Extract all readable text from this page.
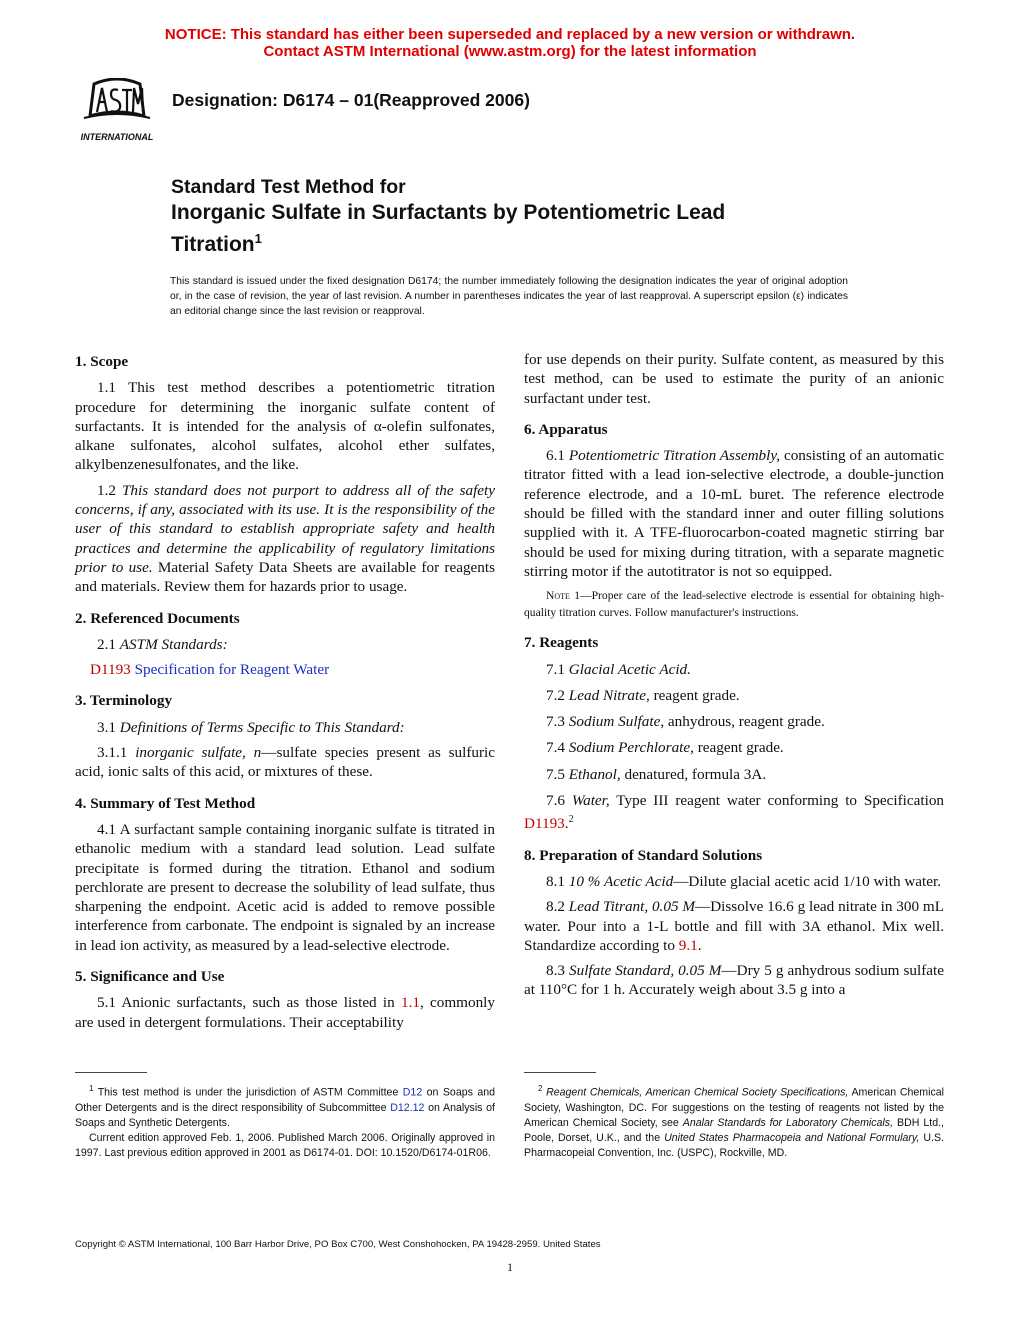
NOTICE: This standard has either been superseded and replaced by a new version or withdrawn.
Contact ASTM International (www.astm.org) for the latest information
INTERNATIONAL
Designation: D6174 – 01(Reapproved 2006)
Standard Test Method for
Inorganic Sulfate in Surfactants by Potentiometric Lead
Titration$^1$
This standard is issued under the fixed designation D6174; the number immediately following the designation indicates the year of original adoption or, in the case of revision, the year of last revision. A number in parentheses indicates the year of last reapproval. A superscript epsilon (ε) indicates an editorial change since the last revision or reapproval.
1. Scope

1.1 This test method describes a potentiometric titration procedure for determining the inorganic sulfate content of surfactants. It is intended for the analysis of α-olefin sulfonates, alkane sulfonates, alcohol sulfates, alcohol ether sulfates, alkylbenzenesulfonates, and the like.

1.2 This standard does not purport to address all of the safety concerns, if any, associated with its use. It is the responsibility of the user of this standard to establish appropriate safety and health practices and determine the applicability of regulatory limitations prior to use. Material Safety Data Sheets are available for reagents and materials. Review them for hazards prior to usage.

2. Referenced Documents

2.1 ASTM Standards:

D1193 Specification for Reagent Water

3. Terminology

3.1 Definitions of Terms Specific to This Standard:

3.1.1 inorganic sulfate, n—sulfate species present as sulfuric acid, ionic salts of this acid, or mixtures of these.

4. Summary of Test Method

4.1 A surfactant sample containing inorganic sulfate is titrated in ethanolic medium with a standard lead solution. Lead sulfate precipitate is formed during the titration. Ethanol and sodium perchlorate are present to decrease the solubility of lead sulfate, thus sharpening the endpoint. Acetic acid is added to remove possible interference from carbonate. The endpoint is signaled by an increase in lead ion activity, as measured by a lead-selective electrode.

5. Significance and Use

5.1 Anionic surfactants, such as those listed in 1.1, commonly are used in detergent formulations. Their acceptability

for use depends on their purity. Sulfate content, as measured by this test method, can be used to estimate the purity of an anionic surfactant under test.

6. Apparatus

6.1 Potentiometric Titration Assembly, consisting of an automatic titrator fitted with a lead ion-selective electrode, a double-junction reference electrode, and a 10-mL buret. The reference electrode should be filled with the standard inner and outer filling solutions supplied with it. A TFE-fluorocarbon-coated magnetic stirring bar should be used for mixing during titration, with a separate magnetic stirring motor if the autotitrator is not so equipped.

Note 1—Proper care of the lead-selective electrode is essential for obtaining high-quality titration curves. Follow manufacturer's instructions.

7. Reagents

7.1 Glacial Acetic Acid.

7.2 Lead Nitrate, reagent grade.

7.3 Sodium Sulfate, anhydrous, reagent grade.

7.4 Sodium Perchlorate, reagent grade.

7.5 Ethanol, denatured, formula 3A.

7.6 Water, Type III reagent water conforming to Specification D1193.$^2$

8. Preparation of Standard Solutions

8.1 10 % Acetic Acid—Dilute glacial acetic acid 1/10 with water.

8.2 Lead Titrant, 0.05 M—Dissolve 16.6 g lead nitrate in 300 mL water. Pour into a 1-L bottle and fill with 3A ethanol. Mix well. Standardize according to 9.1.

8.3 Sulfate Standard, 0.05 M—Dry 5 g anhydrous sodium sulfate at 110°C for 1 h. Accurately weigh about 3.5 g into a

$^1$ This test method is under the jurisdiction of ASTM Committee D12 on Soaps and Other Detergents and is the direct responsibility of Subcommittee D12.12 on Analysis of Soaps and Synthetic Detergents.

Current edition approved Feb. 1, 2006. Published March 2006. Originally approved in 1997. Last previous edition approved in 2001 as D6174-01. DOI: 10.1520/D6174-01R06.

$^2$ Reagent Chemicals, American Chemical Society Specifications, American Chemical Society, Washington, DC. For suggestions on the testing of reagents not listed by the American Chemical Society, see Analar Standards for Laboratory Chemicals, BDH Ltd., Poole, Dorset, U.K., and the United States Pharmacopeia and National Formulary, U.S. Pharmacopeial Convention, Inc. (USPC), Rockville, MD.

Copyright © ASTM International, 100 Barr Harbor Drive, PO Box C700, West Conshohocken, PA 19428-2959. United States
1
